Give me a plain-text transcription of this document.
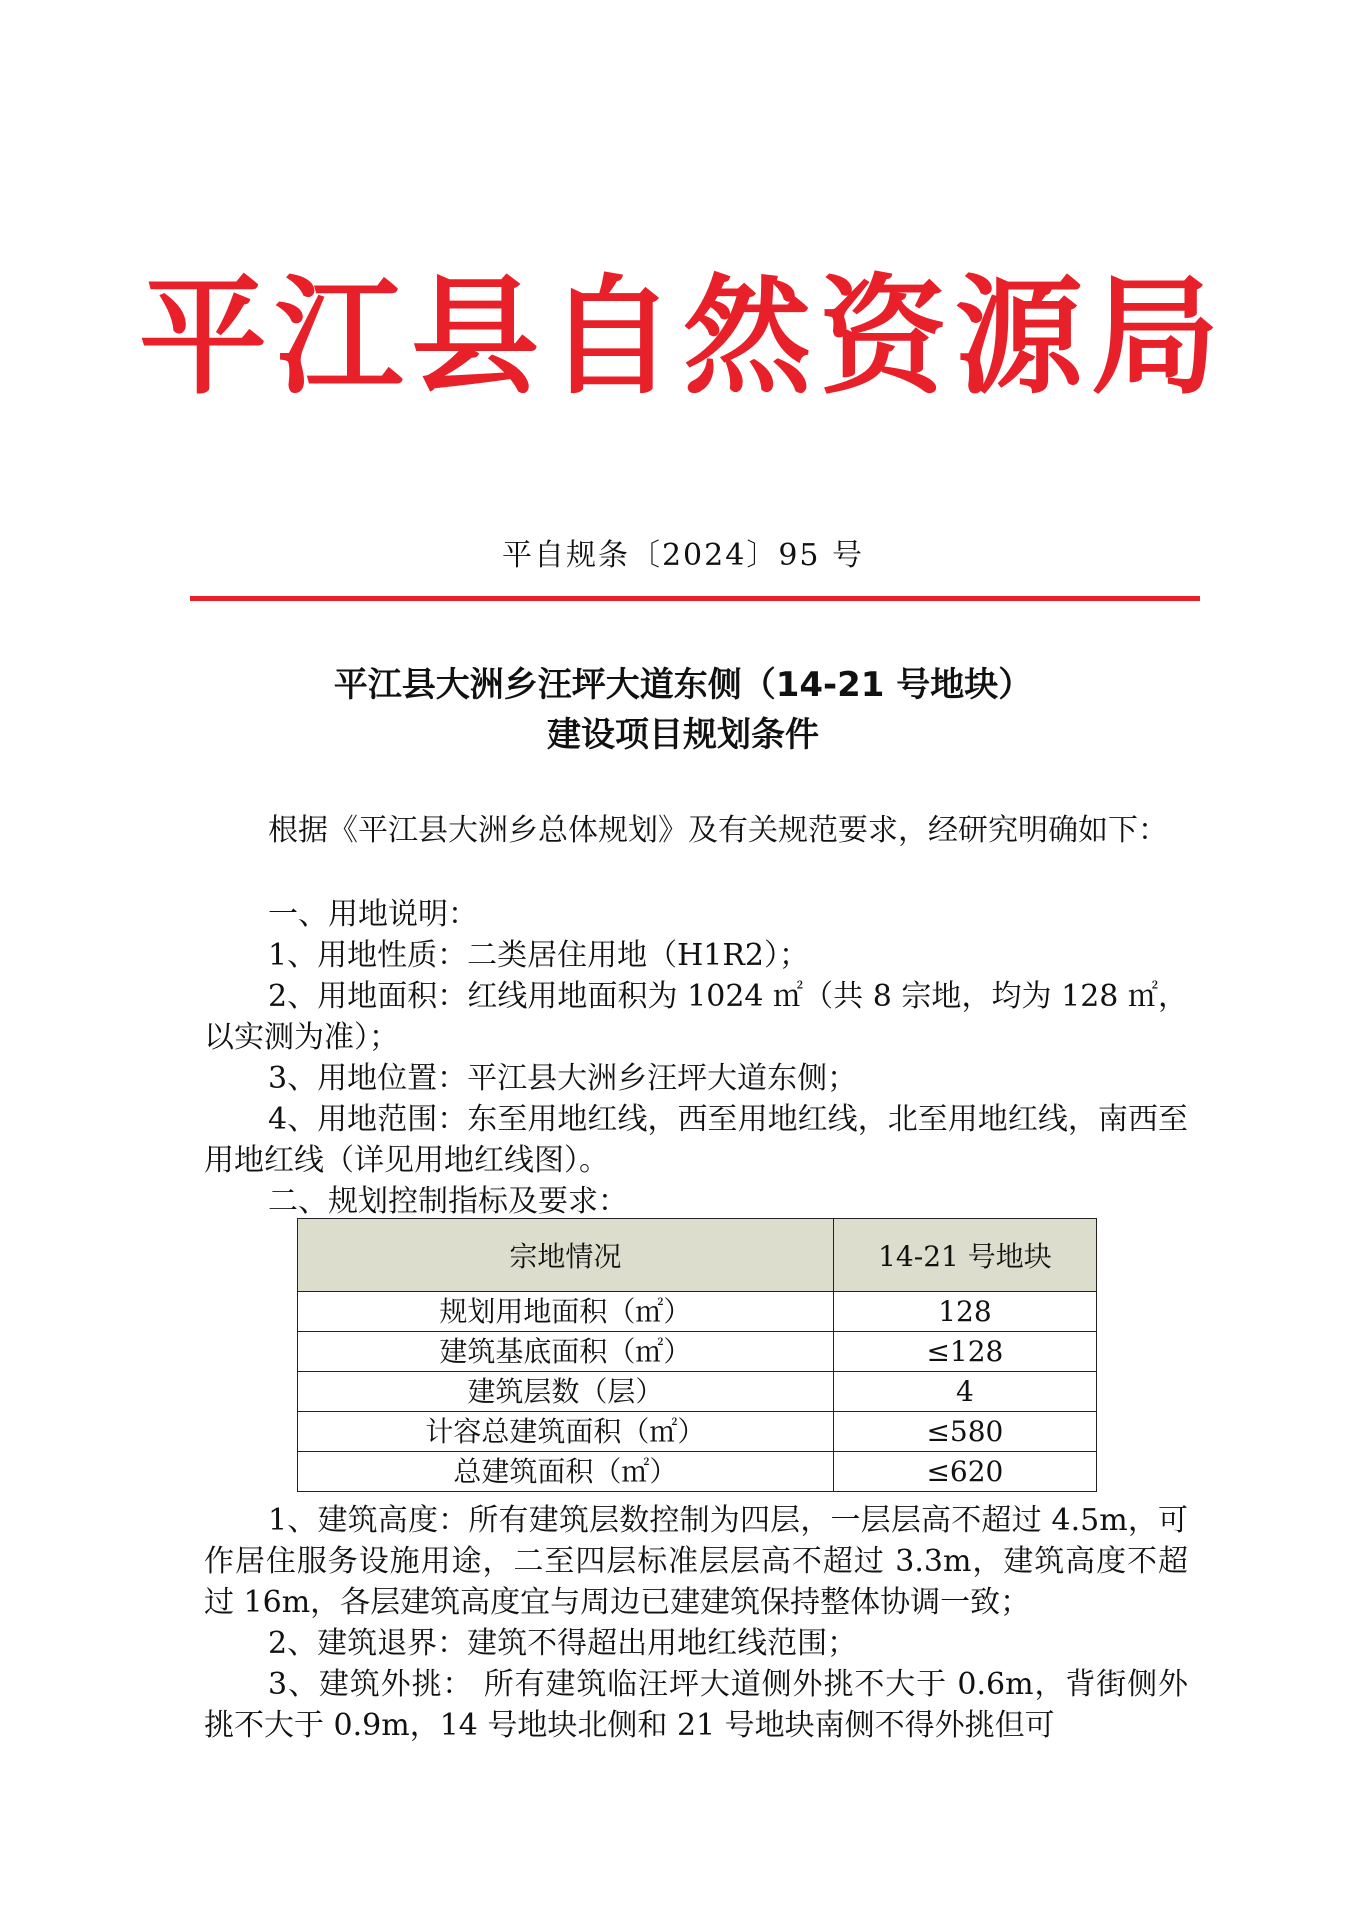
平江县自然资源局
平自规条〔2024〕95 号
平江县大洲乡汪坪大道东侧（14-21 号地块）
建设项目规划条件

根据《平江县大洲乡总体规划》及有关规范要求，经研究明确如下：

一、用地说明：

1、用地性质：二类居住用地（H1R2）；

2、用地面积：红线用地面积为 1024 ㎡（共 8 宗地，均为 128 ㎡，以实测为准）；

3、用地位置：平江县大洲乡汪坪大道东侧；

4、用地范围：东至用地红线，西至用地红线，北至用地红线，南西至用地红线（详见用地红线图）。

二、规划控制指标及要求：

宗地情况	14-21 号地块
规划用地面积（㎡）	128
建筑基底面积（㎡）	≤128
建筑层数（层）	4
计容总建筑面积（㎡）	≤580
总建筑面积（㎡）	≤620

1、建筑高度：所有建筑层数控制为四层，一层层高不超过 4.5m，可作居住服务设施用途，二至四层标准层层高不超过 3.3m，建筑高度不超过 16m，各层建筑高度宜与周边已建建筑保持整体协调一致；

2、建筑退界：建筑不得超出用地红线范围；

3、建筑外挑： 所有建筑临汪坪大道侧外挑不大于 0.6m，背街侧外挑不大于 0.9m，14 号地块北侧和 21 号地块南侧不得外挑但可
